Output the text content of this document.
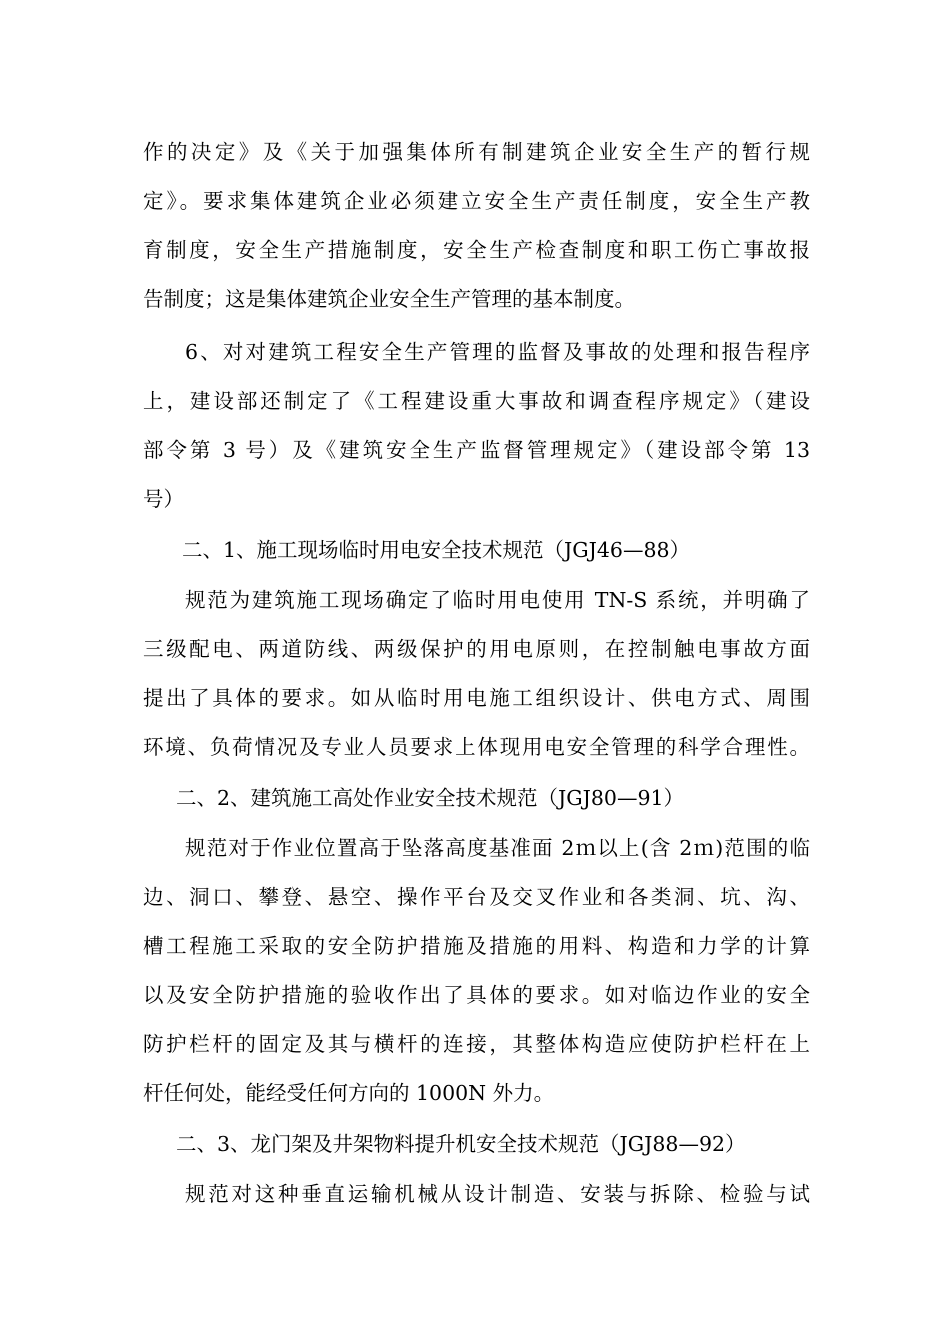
作的决定》及《关于加强集体所有制建筑企业安全生产的暂行规
定》。要求集体建筑企业必须建立安全生产责任制度，安全生产教
育制度，安全生产措施制度，安全生产检查制度和职工伤亡事故报
告制度；这是集体建筑企业安全生产管理的基本制度。
6、对对建筑工程安全生产管理的监督及事故的处理和报告程序
上，建设部还制定了《工程建设重大事故和调查程序规定》（建设
部令第 3 号）及《建筑安全生产监督管理规定》（建设部令第 13
号）
二、1、施工现场临时用电安全技术规范（JGJ46—88）
规范为建筑施工现场确定了临时用电使用 TN-S 系统，并明确了
三级配电、两道防线、两级保护的用电原则，在控制触电事故方面
提出了具体的要求。如从临时用电施工组织设计、供电方式、周围
环境、负荷情况及专业人员要求上体现用电安全管理的科学合理性。
二、2、建筑施工高处作业安全技术规范（JGJ80—91）
规范对于作业位置高于坠落高度基准面 2ｍ以上(含 2ｍ)范围的临
边、洞口、攀登、悬空、操作平台及交叉作业和各类洞、坑、沟、
槽工程施工采取的安全防护措施及措施的用料、构造和力学的计算
以及安全防护措施的验收作出了具体的要求。如对临边作业的安全
防护栏杆的固定及其与横杆的连接，其整体构造应使防护栏杆在上
杆任何处，能经受任何方向的 1000N 外力。
二、3、龙门架及井架物料提升机安全技术规范（JGJ88—92）
规范对这种垂直运输机械从设计制造、安装与拆除、检验与试
